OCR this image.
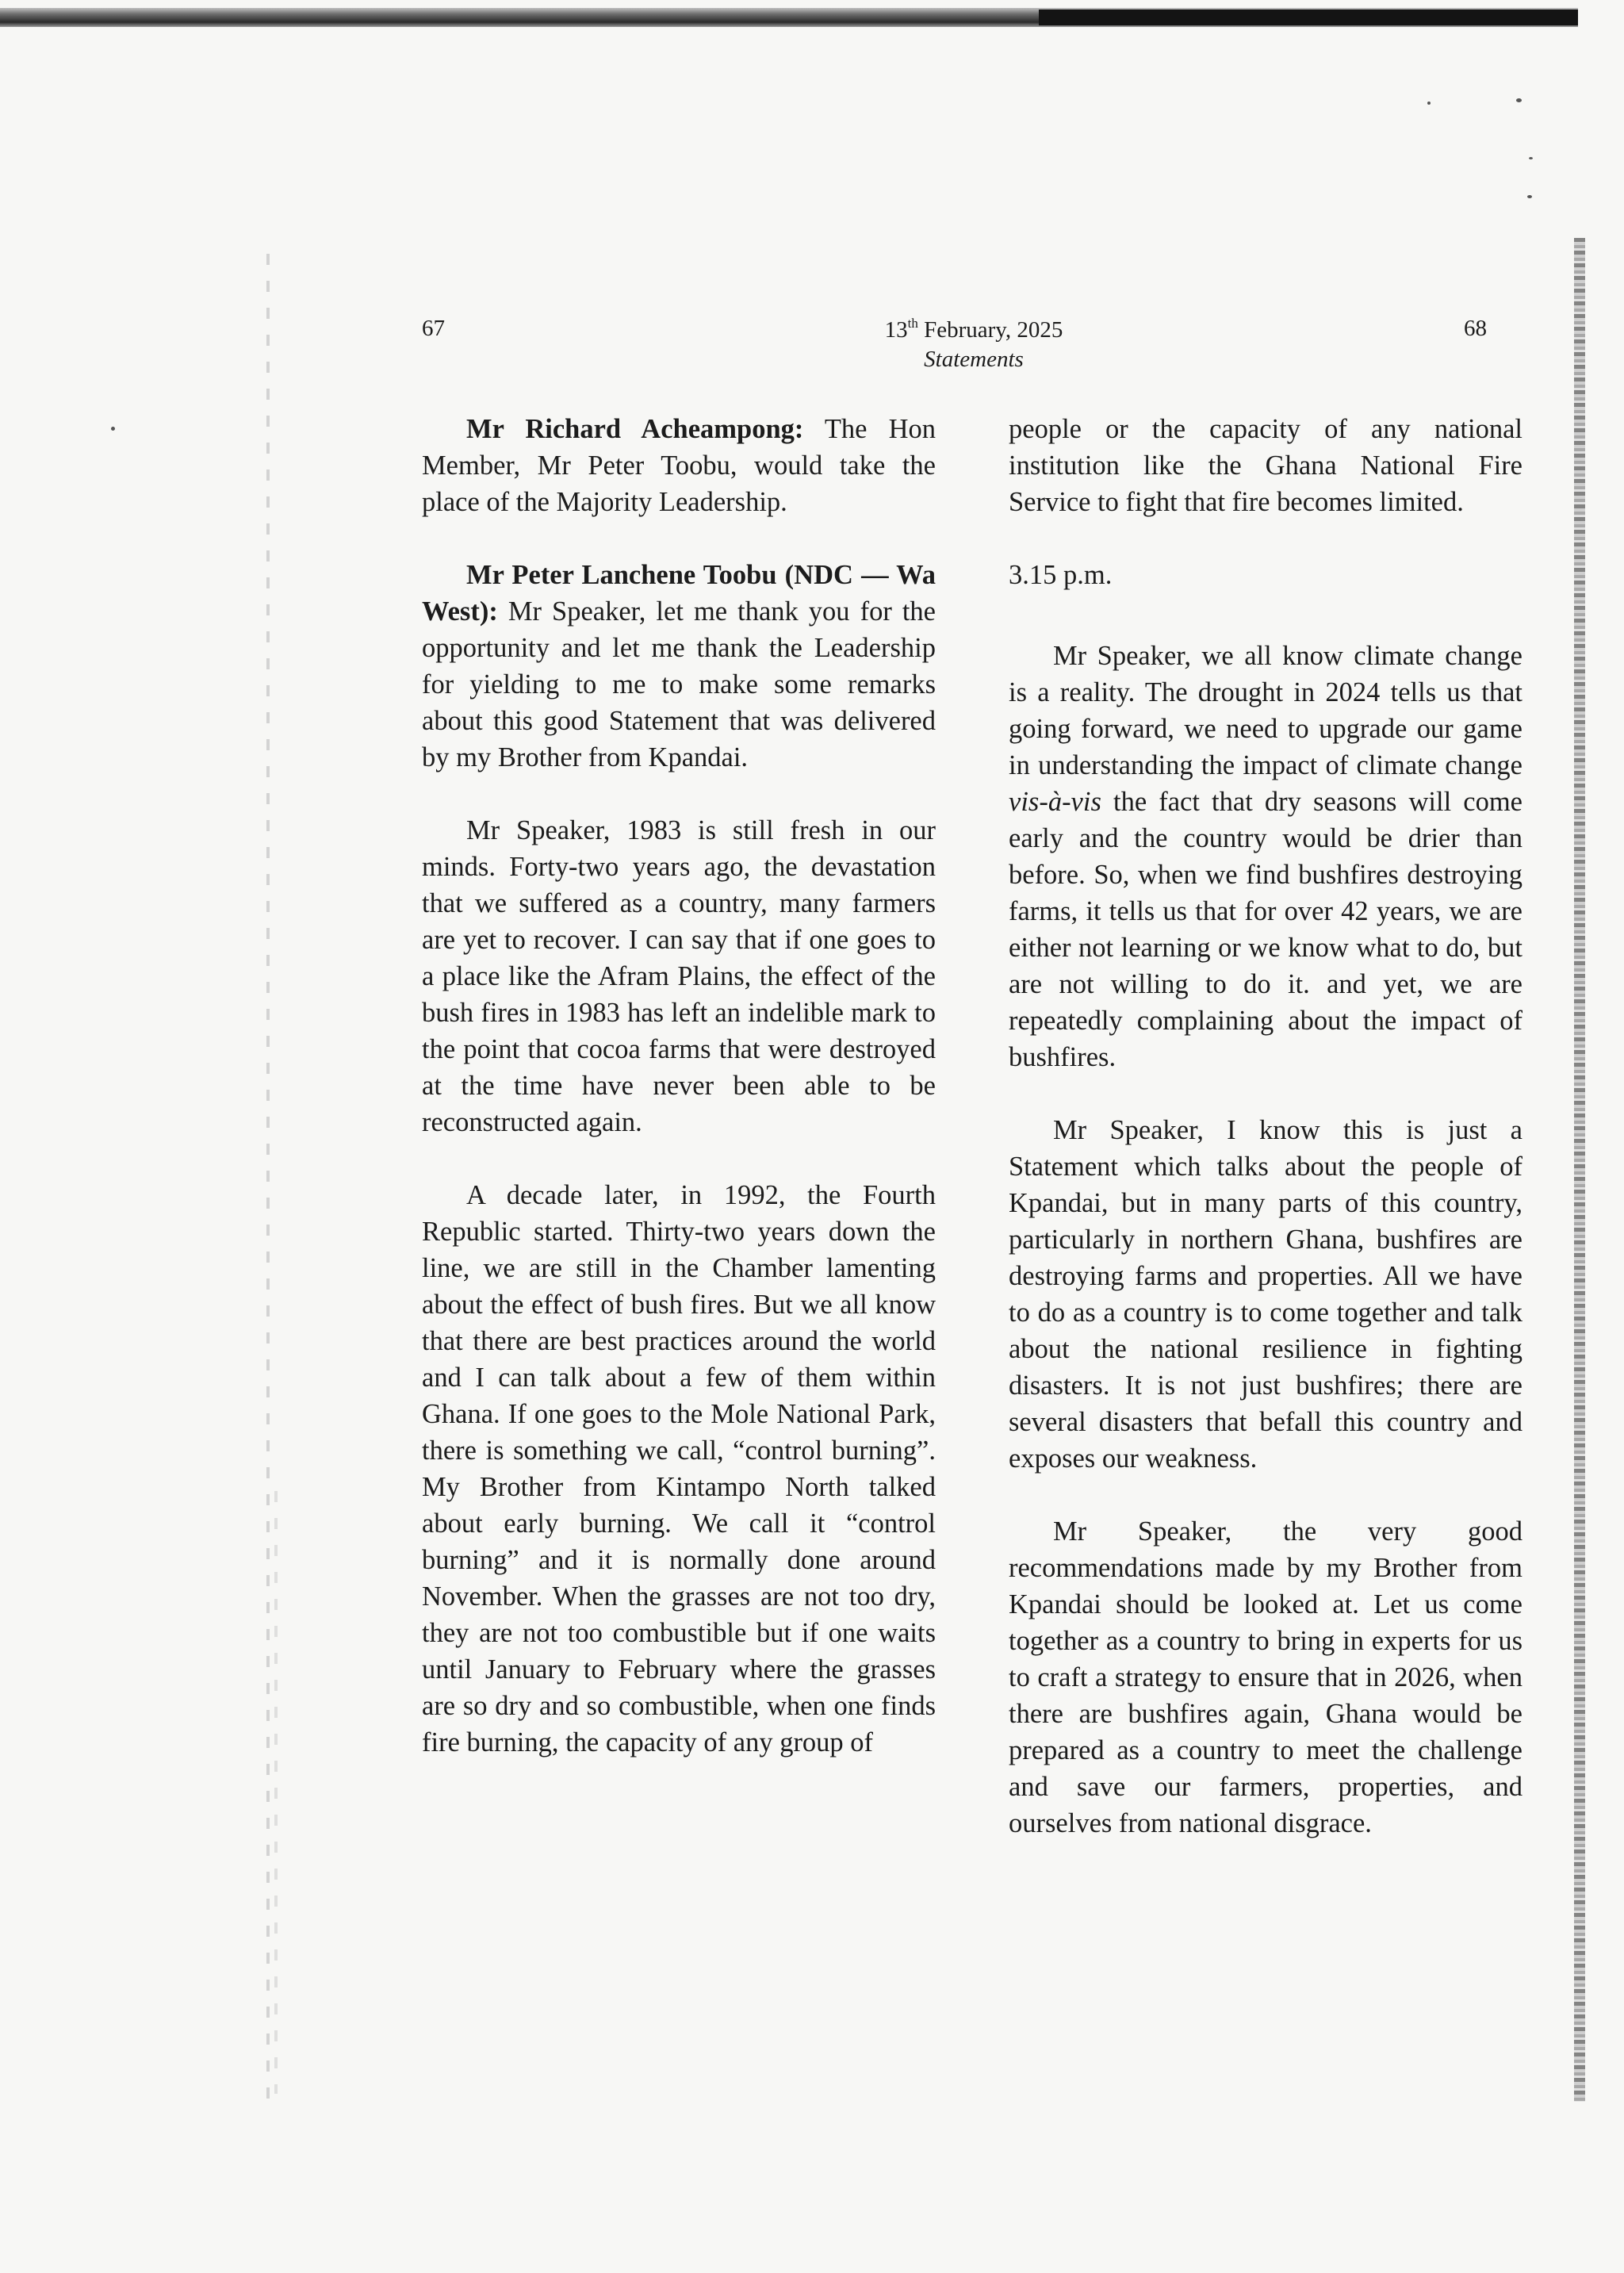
67	13th February, 2025
Statements
68

Mr Richard Acheampong: The Hon Member, Mr Peter Toobu, would take the place of the Majority Leadership.

Mr Peter Lanchene Toobu (NDC — Wa West): Mr Speaker, let me thank you for the opportunity and let me thank the Leadership for yielding to me to make some remarks about this good Statement that was delivered by my Brother from Kpandai.

Mr Speaker, 1983 is still fresh in our minds. Forty-two years ago, the devastation that we suffered as a country, many farmers are yet to recover. I can say that if one goes to a place like the Afram Plains, the effect of the bush fires in 1983 has left an indelible mark to the point that cocoa farms that were destroyed at the time have never been able to be reconstructed again.

A decade later, in 1992, the Fourth Republic started. Thirty-two years down the line, we are still in the Chamber lamenting about the effect of bush fires. But we all know that there are best practices around the world and I can talk about a few of them within Ghana. If one goes to the Mole National Park, there is something we call, “control burning”. My Brother from Kintampo North talked about early burning. We call it “control burning” and it is normally done around November. When the grasses are not too dry, they are not too combustible but if one waits until January to February where the grasses are so dry and so combustible, when one finds fire burning, the capacity of any group of

people or the capacity of any national institution like the Ghana National Fire Service to fight that fire becomes limited.

3.15 p.m.

Mr Speaker, we all know climate change is a reality. The drought in 2024 tells us that going forward, we need to upgrade our game in understanding the impact of climate change vis-à-vis the fact that dry seasons will come early and the country would be drier than before. So, when we find bushfires destroying farms, it tells us that for over 42 years, we are either not learning or we know what to do, but are not willing to do it. and yet, we are repeatedly complaining about the impact of bushfires.

Mr Speaker, I know this is just a Statement which talks about the people of Kpandai, but in many parts of this country, particularly in northern Ghana, bushfires are destroying farms and properties. All we have to do as a country is to come together and talk about the national resilience in fighting disasters. It is not just bushfires; there are several disasters that befall this country and exposes our weakness.

Mr Speaker, the very good recommendations made by my Brother from Kpandai should be looked at. Let us come together as a country to bring in experts for us to craft a strategy to ensure that in 2026, when there are bushfires again, Ghana would be prepared as a country to meet the challenge and save our farmers, properties, and ourselves from national disgrace.
